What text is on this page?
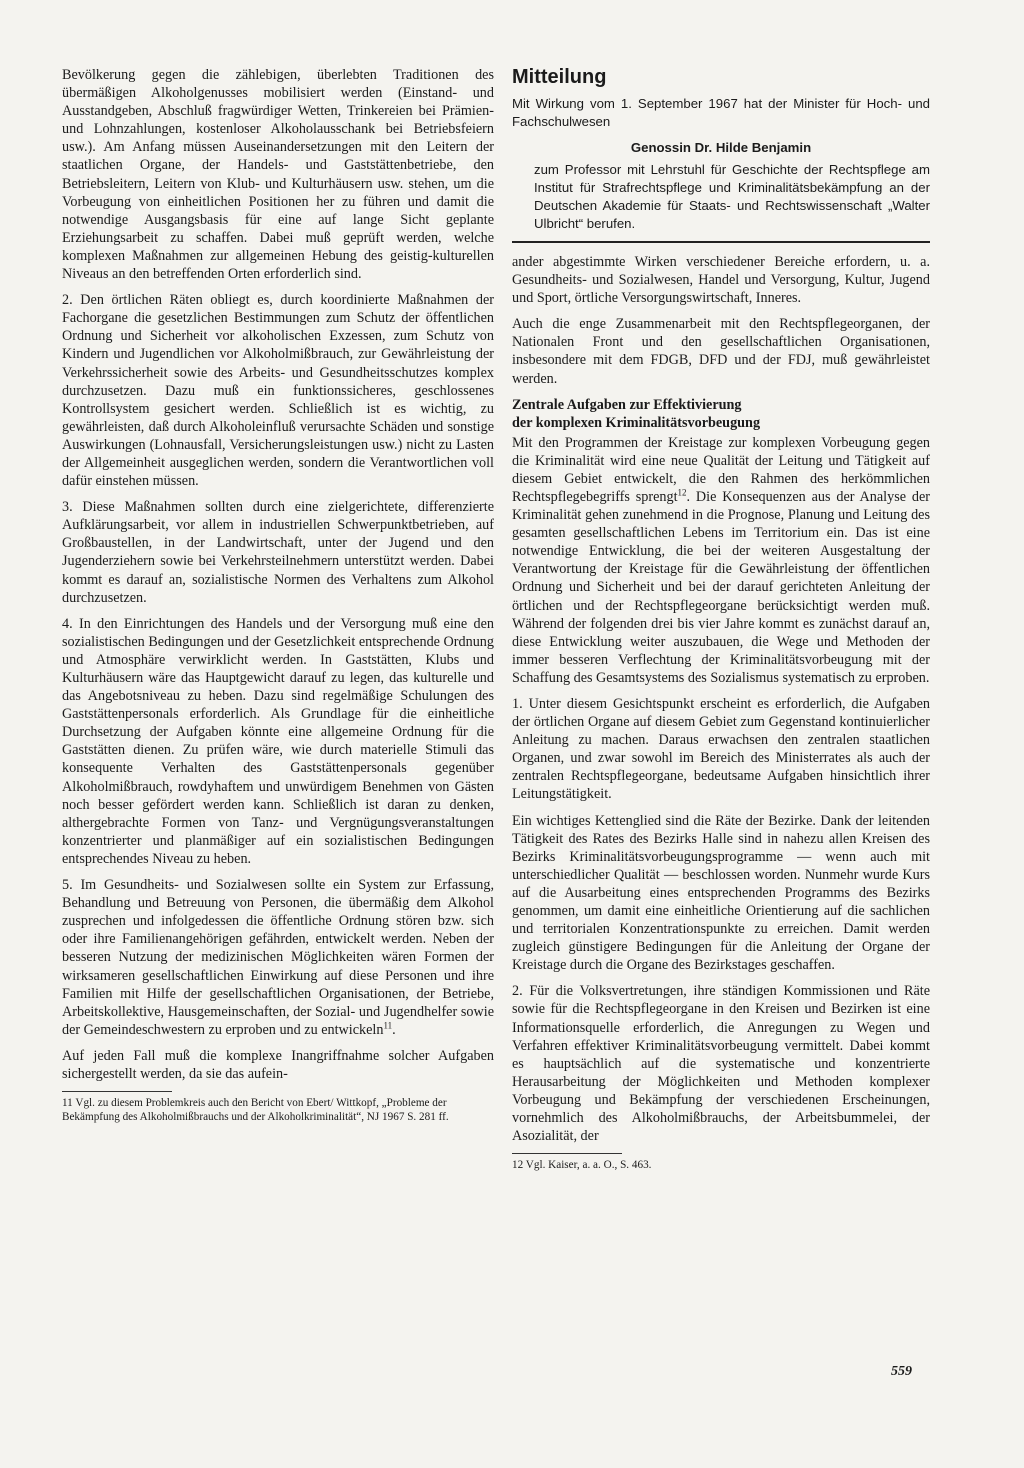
Bevölkerung gegen die zählebigen, überlebten Traditionen des übermäßigen Alkoholgenusses mobilisiert werden (Einstand- und Ausstandgeben, Abschluß fragwürdiger Wetten, Trinkereien bei Prämien- und Lohnzahlungen, kostenloser Alkoholausschank bei Betriebsfeiern usw.). Am Anfang müssen Auseinandersetzungen mit den Leitern der staatlichen Organe, der Handels- und Gaststättenbetriebe, den Betriebsleitern, Leitern von Klub- und Kulturhäusern usw. stehen, um die Vorbeugung von einheitlichen Positionen her zu führen und damit die notwendige Ausgangsbasis für eine auf lange Sicht geplante Erziehungsarbeit zu schaffen. Dabei muß geprüft werden, welche komplexen Maßnahmen zur allgemeinen Hebung des geistig-kulturellen Niveaus an den betreffenden Orten erforderlich sind.

2. Den örtlichen Räten obliegt es, durch koordinierte Maßnahmen der Fachorgane die gesetzlichen Bestimmungen zum Schutz der öffentlichen Ordnung und Sicherheit vor alkoholischen Exzessen, zum Schutz von Kindern und Jugendlichen vor Alkoholmißbrauch, zur Gewährleistung der Verkehrssicherheit sowie des Arbeits- und Gesundheitsschutzes komplex durchzusetzen. Dazu muß ein funktionssicheres, geschlossenes Kontrollsystem gesichert werden. Schließlich ist es wichtig, zu gewährleisten, daß durch Alkoholeinfluß verursachte Schäden und sonstige Auswirkungen (Lohnausfall, Versicherungsleistungen usw.) nicht zu Lasten der Allgemeinheit ausgeglichen werden, sondern die Verantwortlichen voll dafür einstehen müssen.

3. Diese Maßnahmen sollten durch eine zielgerichtete, differenzierte Aufklärungsarbeit, vor allem in industriellen Schwerpunktbetrieben, auf Großbaustellen, in der Landwirtschaft, unter der Jugend und den Jugenderziehern sowie bei Verkehrsteilnehmern unterstützt werden. Dabei kommt es darauf an, sozialistische Normen des Verhaltens zum Alkohol durchzusetzen.

4. In den Einrichtungen des Handels und der Versorgung muß eine den sozialistischen Bedingungen und der Gesetzlichkeit entsprechende Ordnung und Atmosphäre verwirklicht werden. In Gaststätten, Klubs und Kulturhäusern wäre das Hauptgewicht darauf zu legen, das kulturelle und das Angebotsniveau zu heben. Dazu sind regelmäßige Schulungen des Gaststättenpersonals erforderlich. Als Grundlage für die einheitliche Durchsetzung der Aufgaben könnte eine allgemeine Ordnung für die Gaststätten dienen. Zu prüfen wäre, wie durch materielle Stimuli das konsequente Verhalten des Gaststättenpersonals gegenüber Alkoholmißbrauch, rowdyhaftem und unwürdigem Benehmen von Gästen noch besser gefördert werden kann. Schließlich ist daran zu denken, althergebrachte Formen von Tanz- und Vergnügungsveranstaltungen konzentrierter und planmäßiger auf ein sozialistischen Bedingungen entsprechendes Niveau zu heben.

5. Im Gesundheits- und Sozialwesen sollte ein System zur Erfassung, Behandlung und Betreuung von Personen, die übermäßig dem Alkohol zusprechen und infolgedessen die öffentliche Ordnung stören bzw. sich oder ihre Familienangehörigen gefährden, entwickelt werden. Neben der besseren Nutzung der medizinischen Möglichkeiten wären Formen der wirksameren gesellschaftlichen Einwirkung auf diese Personen und ihre Familien mit Hilfe der gesellschaftlichen Organisationen, der Betriebe, Arbeitskollektive, Hausgemeinschaften, der Sozial- und Jugendhelfer sowie der Gemeindeschwestern zu erproben und zu entwickeln$^{11}$.

Auf jeden Fall muß die komplexe Inangriffnahme solcher Aufgaben sichergestellt werden, da sie das aufein-

11 Vgl. zu diesem Problemkreis auch den Bericht von Ebert/ Wittkopf, „Probleme der Bekämpfung des Alkoholmißbrauchs und der Alkoholkriminalität“, NJ 1967 S. 281 ff.

Mitteilung

Mit Wirkung vom 1. September 1967 hat der Minister für Hoch- und Fachschulwesen

Genossin Dr. Hilde Benjamin

zum Professor mit Lehrstuhl für Geschichte der Rechtspflege am Institut für Strafrechtspflege und Kriminalitätsbekämpfung an der Deutschen Akademie für Staats- und Rechtswissenschaft „Walter Ulbricht“ berufen.

ander abgestimmte Wirken verschiedener Bereiche erfordern, u. a. Gesundheits- und Sozialwesen, Handel und Versorgung, Kultur, Jugend und Sport, örtliche Versorgungswirtschaft, Inneres.

Auch die enge Zusammenarbeit mit den Rechtspflegeorganen, der Nationalen Front und den gesellschaftlichen Organisationen, insbesondere mit dem FDGB, DFD und der FDJ, muß gewährleistet werden.

Zentrale Aufgaben zur Effektivierung
der komplexen Kriminalitätsvorbeugung

Mit den Programmen der Kreistage zur komplexen Vorbeugung gegen die Kriminalität wird eine neue Qualität der Leitung und Tätigkeit auf diesem Gebiet entwickelt, die den Rahmen des herkömmlichen Rechtspflegebegriffs sprengt$^{12}$. Die Konsequenzen aus der Analyse der Kriminalität gehen zunehmend in die Prognose, Planung und Leitung des gesamten gesellschaftlichen Lebens im Territorium ein. Das ist eine notwendige Entwicklung, die bei der weiteren Ausgestaltung der Verantwortung der Kreistage für die Gewährleistung der öffentlichen Ordnung und Sicherheit und bei der darauf gerichteten Anleitung der örtlichen und der Rechtspflegeorgane berücksichtigt werden muß. Während der folgenden drei bis vier Jahre kommt es zunächst darauf an, diese Entwicklung weiter auszubauen, die Wege und Methoden der immer besseren Verflechtung der Kriminalitätsvorbeugung mit der Schaffung des Gesamtsystems des Sozialismus systematisch zu erproben.

1. Unter diesem Gesichtspunkt erscheint es erforderlich, die Aufgaben der örtlichen Organe auf diesem Gebiet zum Gegenstand kontinuierlicher Anleitung zu machen. Daraus erwachsen den zentralen staatlichen Organen, und zwar sowohl im Bereich des Ministerrates als auch der zentralen Rechtspflegeorgane, bedeutsame Aufgaben hinsichtlich ihrer Leitungstätigkeit.

Ein wichtiges Kettenglied sind die Räte der Bezirke. Dank der leitenden Tätigkeit des Rates des Bezirks Halle sind in nahezu allen Kreisen des Bezirks Kriminalitätsvorbeugungsprogramme — wenn auch mit unterschiedlicher Qualität — beschlossen worden. Nunmehr wurde Kurs auf die Ausarbeitung eines entsprechenden Programms des Bezirks genommen, um damit eine einheitliche Orientierung auf die sachlichen und territorialen Konzentrationspunkte zu erreichen. Damit werden zugleich günstigere Bedingungen für die Anleitung der Organe der Kreistage durch die Organe des Bezirkstages geschaffen.

2. Für die Volksvertretungen, ihre ständigen Kommissionen und Räte sowie für die Rechtspflegeorgane in den Kreisen und Bezirken ist eine Informationsquelle erforderlich, die Anregungen zu Wegen und Verfahren effektiver Kriminalitätsvorbeugung vermittelt. Dabei kommt es hauptsächlich auf die systematische und konzentrierte Herausarbeitung der Möglichkeiten und Methoden komplexer Vorbeugung und Bekämpfung der verschiedenen Erscheinungen, vornehmlich des Alkoholmißbrauchs, der Arbeitsbummelei, der Asozialität, der

12 Vgl. Kaiser, a. a. O., S. 463.

559
